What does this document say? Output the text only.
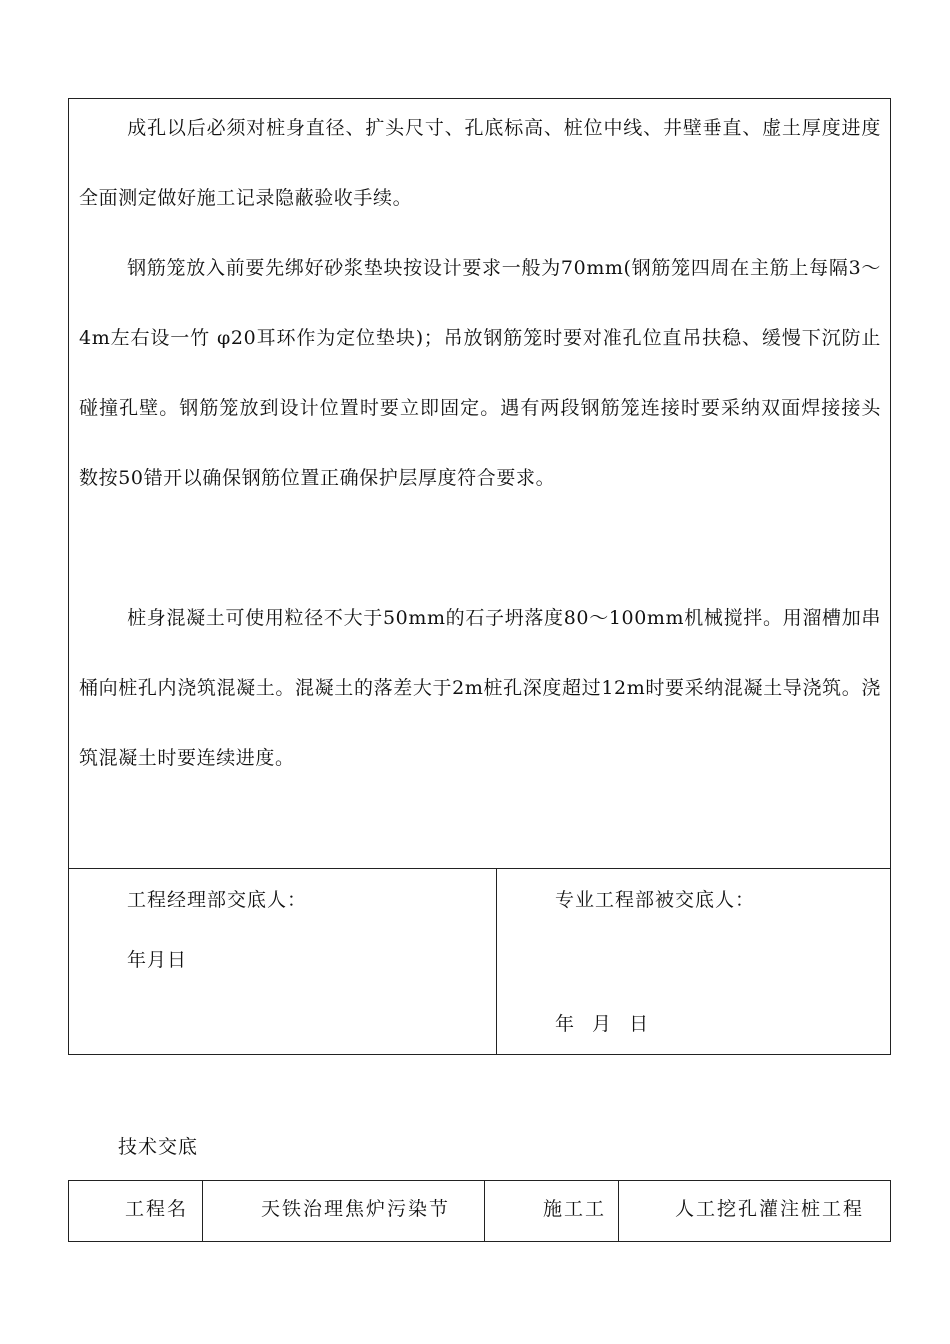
成孔以后必须对桩身直径、扩头尺寸、孔底标高、桩位中线、井壁垂直、虚土厚度进度全面测定做好施工记录隐蔽验收手续。

钢筋笼放入前要先绑好砂浆垫块按设计要求一般为70mm(钢筋笼四周在主筋上每隔3～4m左右设一竹 φ20耳环作为定位垫块)；吊放钢筋笼时要对准孔位直吊扶稳、缓慢下沉防止碰撞孔壁。钢筋笼放到设计位置时要立即固定。遇有两段钢筋笼连接时要采纳双面焊接接头数按50错开以确保钢筋位置正确保护层厚度符合要求。

桩身混凝土可使用粒径不大于50mm的石子坍落度80～100mm机械搅拌。用溜槽加串桶向桩孔内浇筑混凝土。混凝土的落差大于2m桩孔深度超过12m时要采纳混凝土导浇筑。浇筑混凝土时要连续进度。

工程经理部交底人：
年月日
专业工程部被交底人：
年 月 日
技术交底
工程名	天铁治理焦炉污染节	施工工	人工挖孔灌注桩工程
